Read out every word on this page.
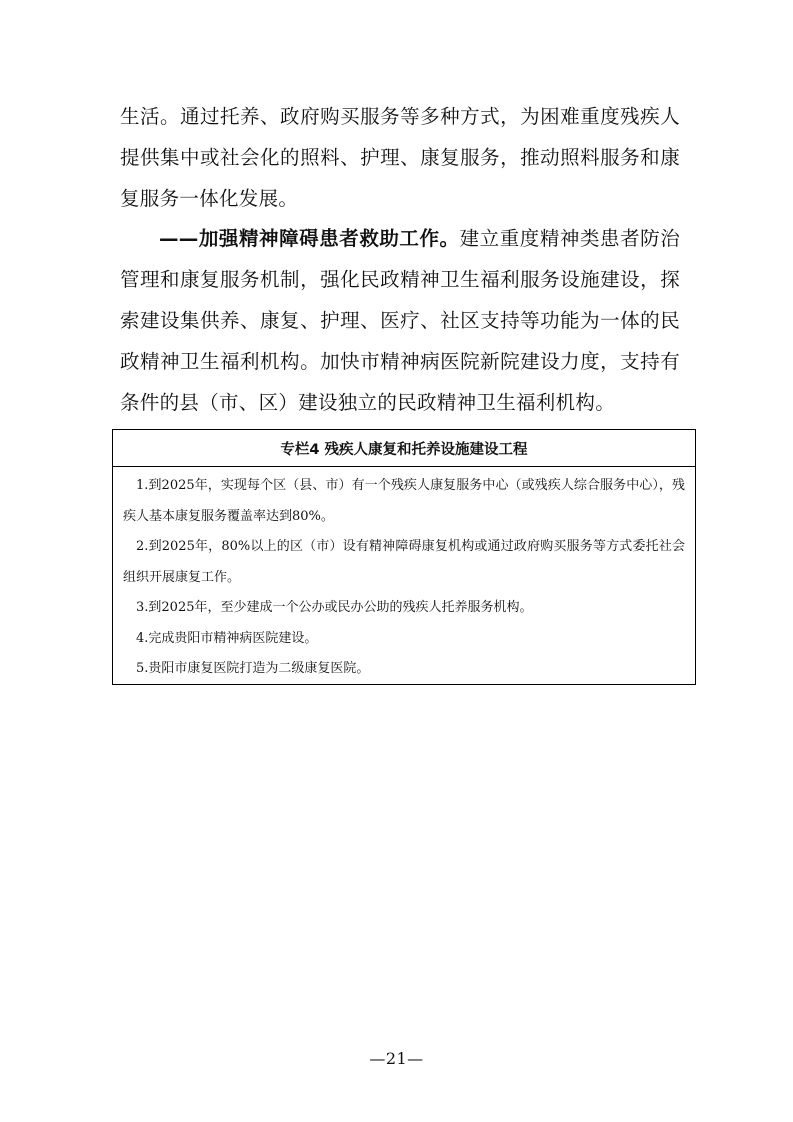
生活。通过托养、政府购买服务等多种方式，为困难重度残疾人提供集中或社会化的照料、护理、康复服务，推动照料服务和康复服务一体化发展。

——加强精神障碍患者救助工作。建立重度精神类患者防治管理和康复服务机制，强化民政精神卫生福利服务设施建设，探索建设集供养、康复、护理、医疗、社区支持等功能为一体的民政精神卫生福利机构。加快市精神病医院新院建设力度，支持有条件的县（市、区）建设独立的民政精神卫生福利机构。

专栏4 残疾人康复和托养设施建设工程

1.到2025年，实现每个区（县、市）有一个残疾人康复服务中心（或残疾人综合服务中心），残疾人基本康复服务覆盖率达到80%。

2.到2025年，80%以上的区（市）设有精神障碍康复机构或通过政府购买服务等方式委托社会组织开展康复工作。

3.到2025年，至少建成一个公办或民办公助的残疾人托养服务机构。

4.完成贵阳市精神病医院建设。

5.贵阳市康复医院打造为二级康复医院。

—21—
